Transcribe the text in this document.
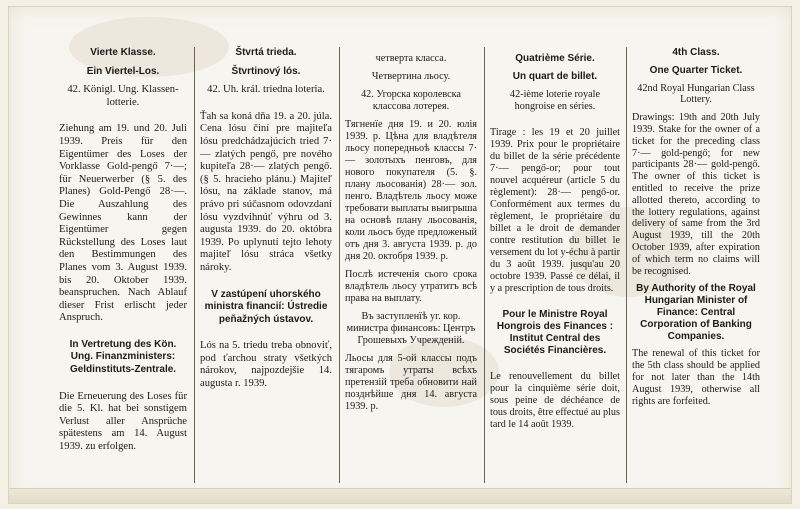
Vierte Klasse.

Ein Viertel-Los.

42. Königl. Ung. Klassen-lotterie.

Ziehung am 19. und 20. Juli 1939. Preis für den Eigentümer des Loses der Vorklasse Gold-pengő 7·—; für Neuerwerber (§ 5. des Planes) Gold-Pengő 28·—. Die Auszahlung des Gewinnes kann der Eigentümer gegen Rückstellung des Loses laut den Bestimmungen des Planes vom 3. August 1939. bis 20. Oktober 1939. beanspruchen. Nach Ablauf dieser Frist erlischt jeder Anspruch.

In Vertretung des Kön. Ung. Finanzministers: Geldinstituts-Zentrale.

Die Erneuerung des Loses für die 5. Kl. hat bei sonstigem Verlust aller Ansprüche spätestens am 14. August 1939. zu erfolgen.

Štvrtá trieda.

Štvrtinový lós.

42. Uh. král. triedna loteria.

Ťah sa koná dňa 19. a 20. júla. Cena lósu činí pre majiteľa lósu predchádzajúcich tried 7·— zlatých pengő, pre nového kupiteľa 28·— zlatých pengő. (§ 5. hracieho plánu.) Majiteľ lósu, na základe stanov, má právo pri súčasnom odovzdaní lósu vyzdvihnúť výhru od 3. augusta 1939. do 20. októbra 1939. Po uplynutí tejto lehoty majiteľ lósu stráca všetky nároky.

V zastúpení uhorského ministra financií: Ústredie peňažných ústavov.

Lós na 5. triedu treba obnoviť, pod ťarchou straty všetkých nárokov, najpozdejšie 14. augusta r. 1939.

четверта класса.

Четвертина льосу.

42. Угорска королевска классова лотерея.

Тягненїе дня 19. и 20. юлія 1939. р. Цѣна для владѣтеля льосу попередньоѣ классы 7·— золотыхъ пенговъ, для нового покупателя (5. §. плану льосованія) 28·— зол. пенго. Владѣтель льосу може требовати выплаты выигрыша на основѣ плану льосованія, коли льосъ буде предложеный отъ дня 3. августа 1939. р. до дня 20. октобря 1939. р.

Послѣ истеченія сього срока владѣтель льосу утратитъ всѣ права на выплату.

Въ заступленїѣ уг. кор. министра финансовъ: Центръ Грошевыхъ Учрежденій.

Льосы для 5-ой классы подъ тягаромъ утраты всѣхъ претензій треба обновити най позднѣйше дня 14. августа 1939. р.

Quatrième Série.

Un quart de billet.

42-ième loterie royale hongroise en séries.

Tirage : les 19 et 20 juillet 1939. Prix pour le propriétaire du billet de la série précédente 7·— pengő-or; pour tout nouvel acquéreur (article 5 du règlement): 28·— pengő-or. Conformément aux termes du règlement, le propriétaire du billet a le droit de demander contre restitution du billet le versement du lot y-échu à partir du 3 août 1939. jusqu'au 20 octobre 1939. Passé ce délai, il y a prescription de tous droits.

Pour le Ministre Royal Hongrois des Finances : Institut Central des Sociétés Financières.

Le renouvellement du billet pour la cinquième série doit, sous peine de déchéance de tous droits, être effectué au plus tard le 14 août 1939.

4th Class.

One Quarter Ticket.

42nd Royal Hungarian Class Lottery.

Drawings: 19th and 20th July 1939. Stake for the owner of a ticket for the preceding class 7·— gold-pengő; for new participants 28·— gold-pengő. The owner of this ticket is entitled to receive the prize allotted thereto, according to the lottery regulations, against delivery of same from the 3rd August 1939, till the 20th October 1939, after expiration of which term no claims will be recognised.

By Authority of the Royal Hungarian Minister of Finance: Central Corporation of Banking Companies.

The renewal of this ticket for the 5th class should be applied for not later than the 14th August 1939, otherwise all rights are forfeited.
